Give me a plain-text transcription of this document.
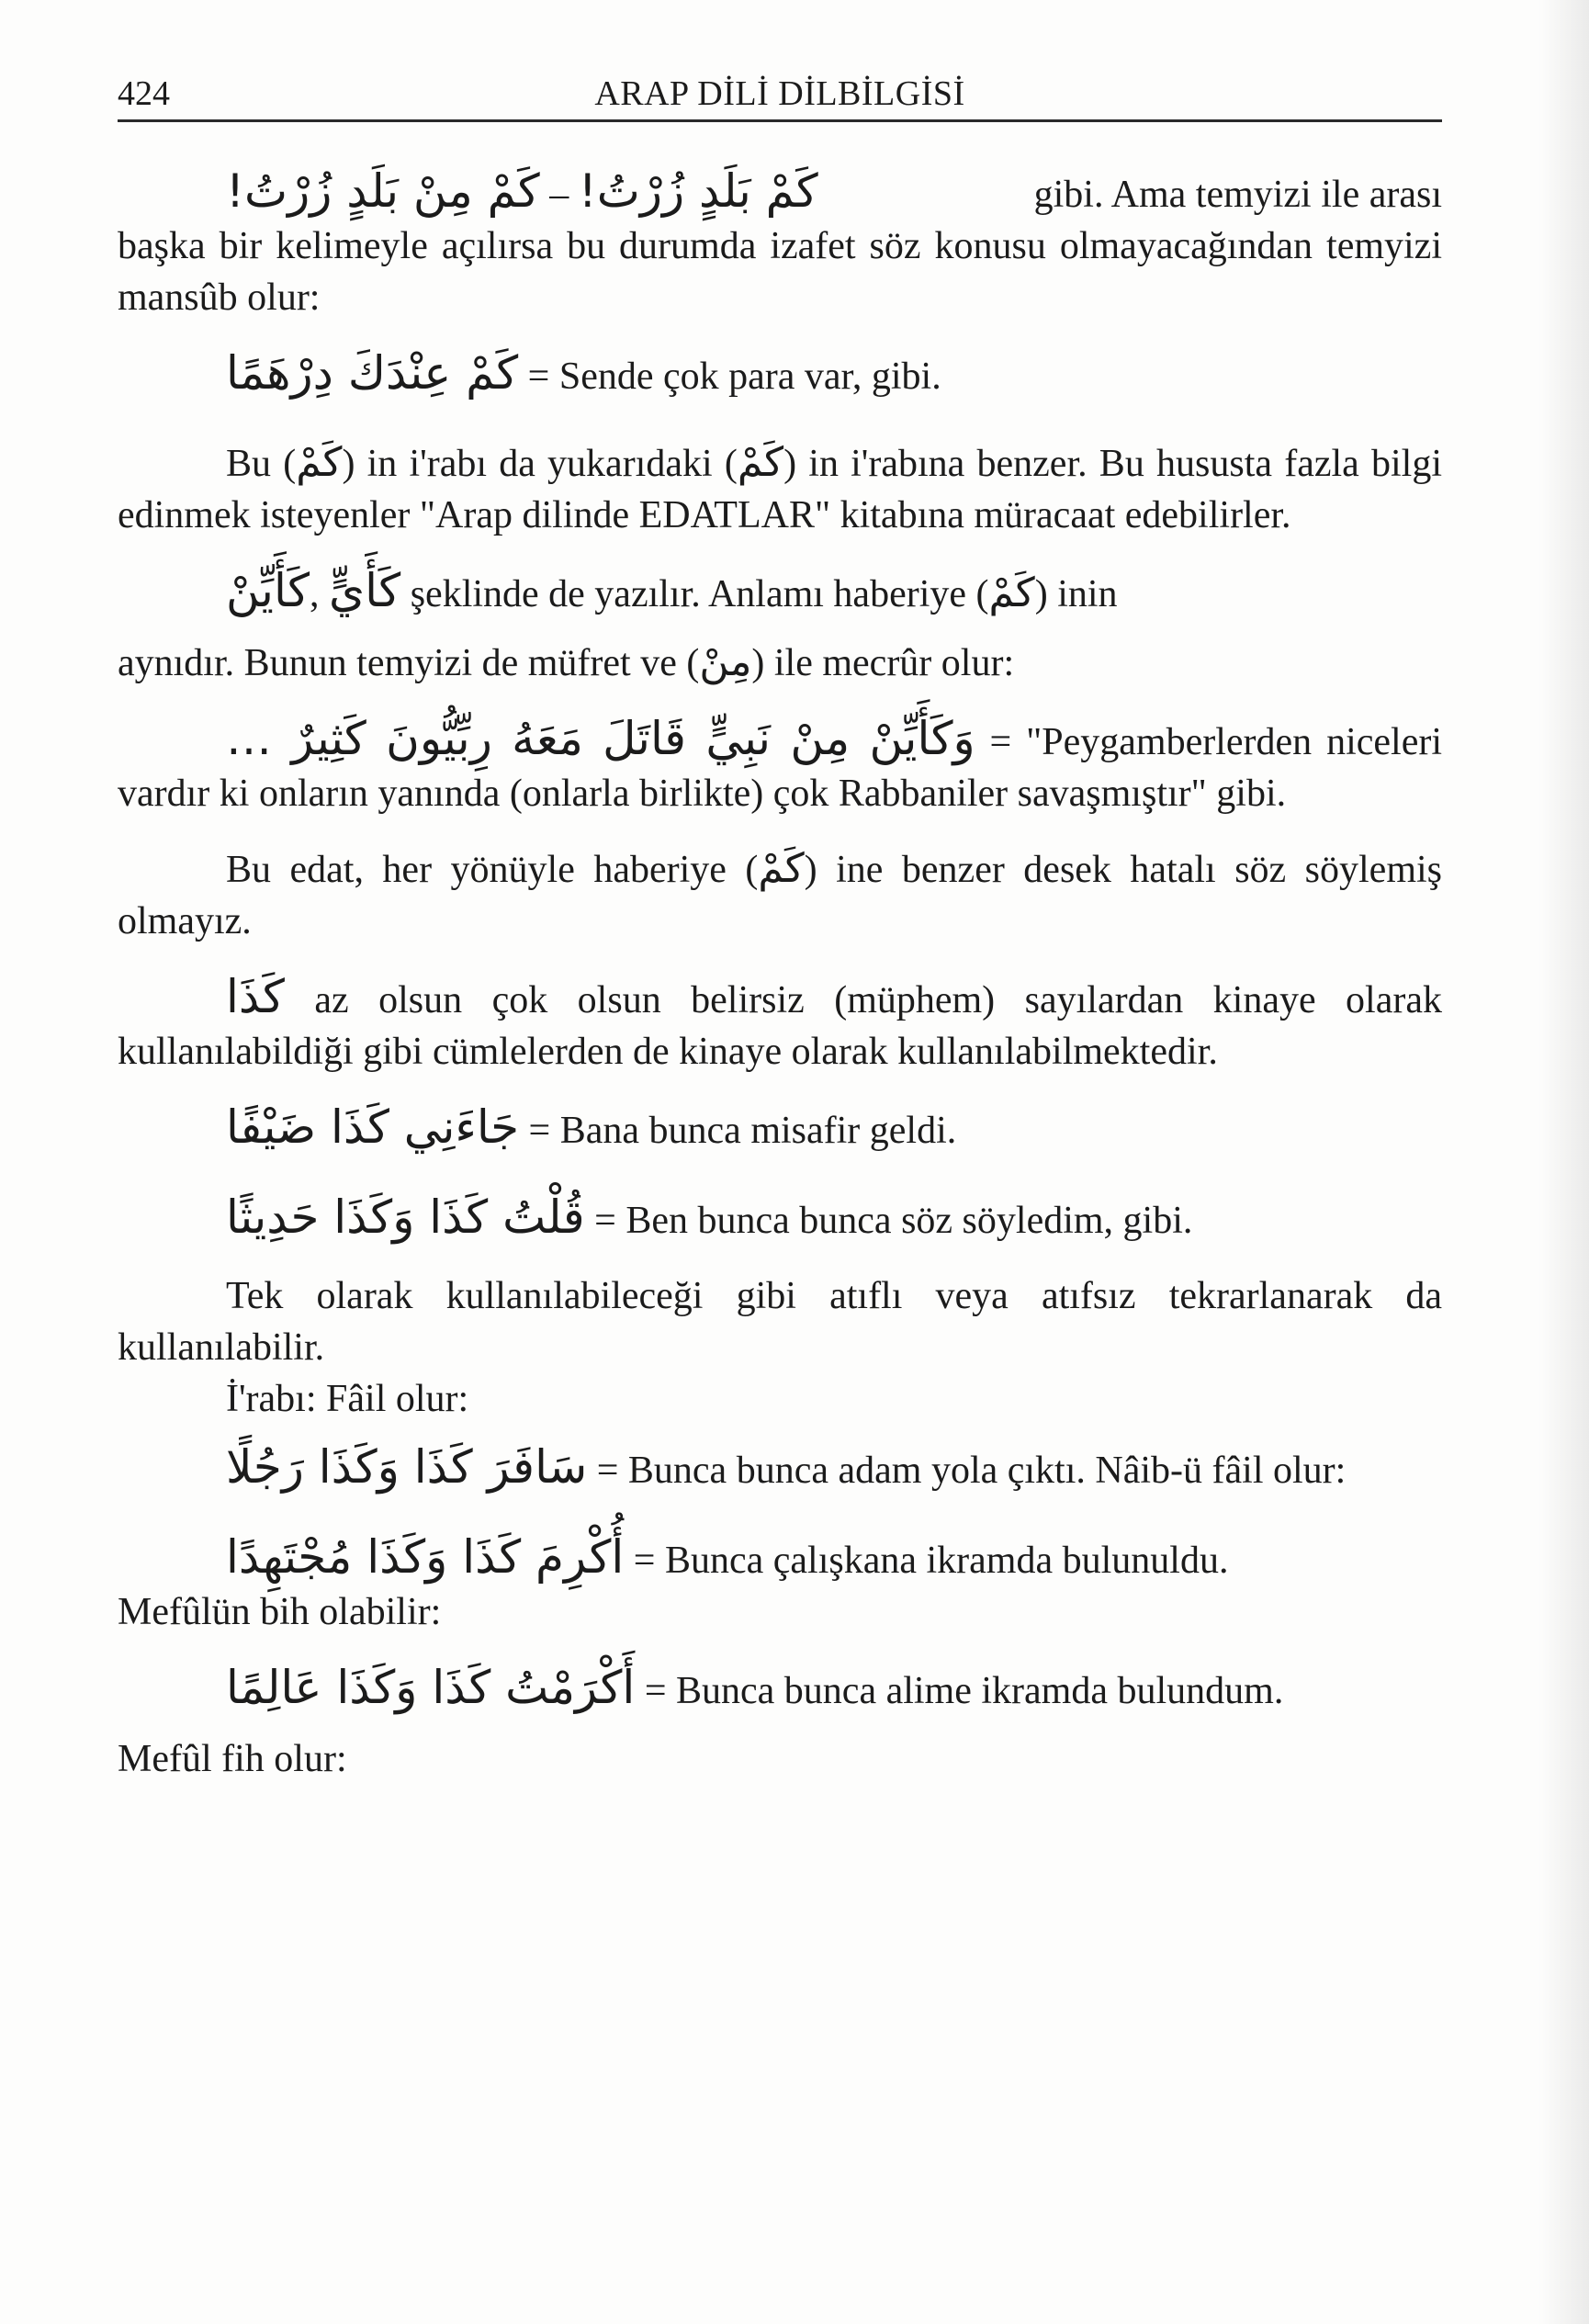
424	ARAP DİLİ DİLBİLGİSİ
كَمْ مِنْ بَلَدٍ زُرْتُ! – كَمْ بَلَدٍ زُرْتُ!	gibi. Ama temyizi ile arası

başka bir kelimeyle açılırsa bu durumda izafet söz konusu olmayacağından temyizi mansûb olur:

كَمْ عِنْدَكَ دِرْهَمًا = Sende çok para var, gibi.

Bu (كَمْ) in i'rabı da yukarıdaki (كَمْ) in i'rabına benzer. Bu hususta fazla bilgi edinmek isteyenler "Arap dilinde EDATLAR" kitabına müracaat edebilirler.

كَأَيِّنْ, كَأَيٍّ şeklinde de yazılır. Anlamı haberiye (كَمْ) inin

aynıdır. Bunun temyizi de müfret ve (مِنْ) ile mecrûr olur:

وَكَأَيِّنْ مِنْ نَبِيٍّ قَاتَلَ مَعَهُ رِبِّيُّونَ كَثِيرٌ … = "Peygamberlerden niceleri vardır ki onların yanında (onlarla birlikte) çok Rabbaniler savaşmıştır" gibi.

Bu edat, her yönüyle haberiye (كَمْ) ine benzer desek hatalı söz söylemiş olmayız.

كَذَا az olsun çok olsun belirsiz (müphem) sayılardan kinaye olarak kullanılabildiği gibi cümlelerden de kinaye olarak kullanılabilmektedir.

جَاءَنِي كَذَا ضَيْفًا = Bana bunca misafir geldi.
قُلْتُ كَذَا وَكَذَا حَدِيثًا = Ben bunca bunca söz söyledim, gibi.

Tek olarak kullanılabileceği gibi atıflı veya atıfsız tekrarlanarak da kullanılabilir.

İ'rabı: Fâil olur:

سَافَرَ كَذَا وَكَذَا رَجُلًا = Bunca bunca adam yola çıktı. Nâib-ü fâil olur:

أُكْرِمَ كَذَا وَكَذَا مُجْتَهِدًا = Bunca çalışkana ikramda bulunuldu.

Mefûlün bih olabilir:

أَكْرَمْتُ كَذَا وَكَذَا عَالِمًا = Bunca bunca alime ikramda bulundum.

Mefûl fih olur:
